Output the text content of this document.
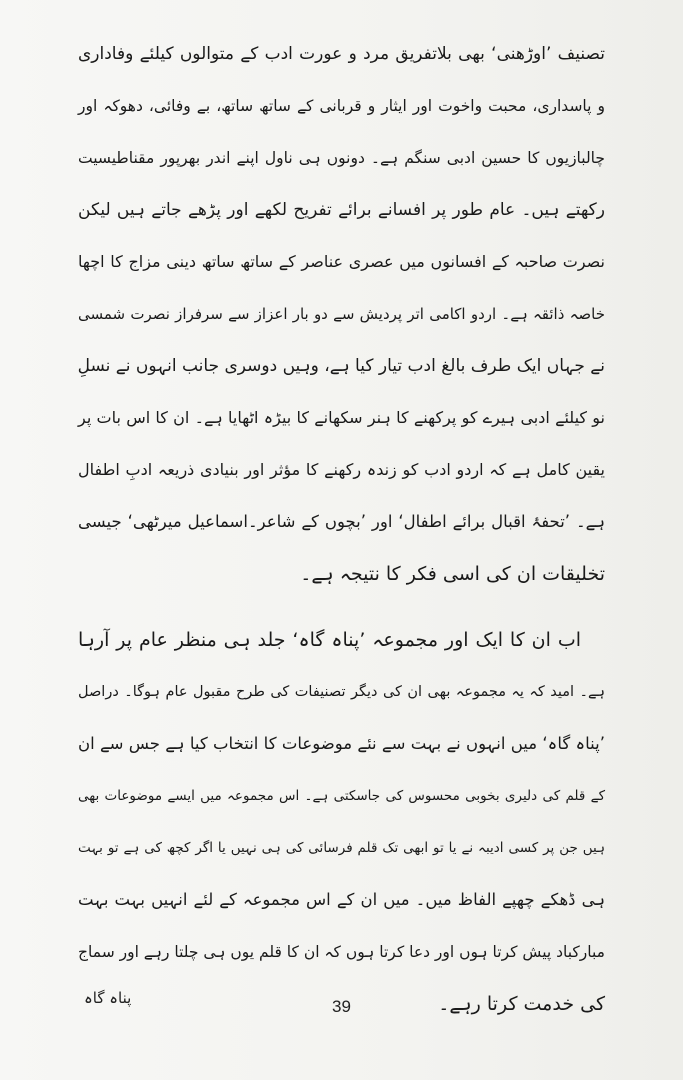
تصنیف ’اوڑھنی‘ بھی بلاتفریق مرد و عورت ادب کے متوالوں کیلئے وفاداری
و پاسداری، محبت واخوت اور ایثار و قربانی کے ساتھ ساتھ، بے وفائی، دھوکہ اور
چالبازیوں کا حسین ادبی سنگم ہے۔ دونوں ہی ناول اپنے اندر بھرپور مقناطیسیت
رکھتے ہیں۔ عام طور پر افسانے برائے تفریح لکھے اور پڑھے جاتے ہیں لیکن
نصرت صاحبہ کے افسانوں میں عصری عناصر کے ساتھ ساتھ دینی مزاج کا اچھا
خاصہ ذائقہ ہے۔ اردو اکامی اتر پردیش سے دو بار اعزاز سے سرفراز نصرت شمسی
نے جہاں ایک طرف بالغ ادب تیار کیا ہے، وہیں دوسری جانب انہوں نے نسلِ
نو کیلئے ادبی ہیرے کو پرکھنے کا ہنر سکھانے کا بیڑہ اٹھایا ہے۔ ان کا اس بات پر
یقین کامل ہے کہ اردو ادب کو زندہ رکھنے کا مؤثر اور بنیادی ذریعہ ادبِ اطفال
ہے۔ ’تحفۂ اقبال برائے اطفال‘ اور ’بچوں کے شاعر۔اسماعیل میرٹھی‘ جیسی
تخلیقات ان کی اسی فکر کا نتیجہ ہے۔
اب ان کا ایک اور مجموعہ ’پناہ گاہ‘ جلد ہی منظر عام پر آرہا
ہے۔ امید کہ یہ مجموعہ بھی ان کی دیگر تصنیفات کی طرح مقبول عام ہوگا۔ دراصل
’پناہ گاہ‘ میں انہوں نے بہت سے نئے موضوعات کا انتخاب کیا ہے جس سے ان
کے قلم کی دلیری بخوبی محسوس کی جاسکتی ہے۔ اس مجموعہ میں ایسے موضوعات بھی
ہیں جن پر کسی ادیبہ نے یا تو ابھی تک قلم فرسائی کی ہی نہیں یا اگر کچھ کی ہے تو بہت
ہی ڈھکے چھپے الفاظ میں۔ میں ان کے اس مجموعہ کے لئے انہیں بہت بہت
مبارکباد پیش کرتا ہوں اور دعا کرتا ہوں کہ ان کا قلم یوں ہی چلتا رہے اور سماج
کی خدمت کرتا رہے۔
پناہ گاہ	39
